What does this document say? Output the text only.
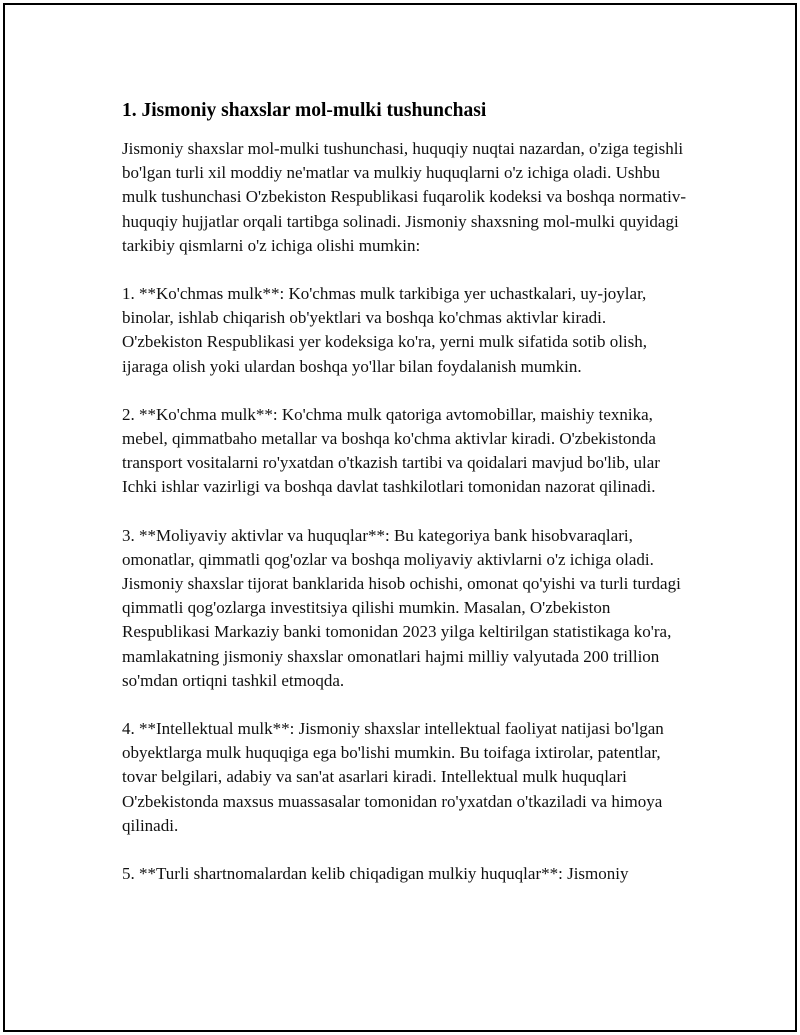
1. Jismoniy shaxslar mol-mulki tushunchasi

Jismoniy shaxslar mol-mulki tushunchasi, huquqiy nuqtai nazardan, o'ziga tegishli bo'lgan turli xil moddiy ne'matlar va mulkiy huquqlarni o'z ichiga oladi. Ushbu mulk tushunchasi O'zbekiston Respublikasi fuqarolik kodeksi va boshqa normativ-huquqiy hujjatlar orqali tartibga solinadi. Jismoniy shaxsning mol-mulki quyidagi tarkibiy qismlarni o'z ichiga olishi mumkin:

1. **Ko'chmas mulk**: Ko'chmas mulk tarkibiga yer uchastkalari, uy-joylar, binolar, ishlab chiqarish ob'yektlari va boshqa ko'chmas aktivlar kiradi. O'zbekiston Respublikasi yer kodeksiga ko'ra, yerni mulk sifatida sotib olish, ijaraga olish yoki ulardan boshqa yo'llar bilan foydalanish mumkin.

2. **Ko'chma mulk**: Ko'chma mulk qatoriga avtomobillar, maishiy texnika, mebel, qimmatbaho metallar va boshqa ko'chma aktivlar kiradi. O'zbekistonda transport vositalarni ro'yxatdan o'tkazish tartibi va qoidalari mavjud bo'lib, ular Ichki ishlar vazirligi va boshqa davlat tashkilotlari tomonidan nazorat qilinadi.

3. **Moliyaviy aktivlar va huquqlar**: Bu kategoriya bank hisobvaraqlari, omonatlar, qimmatli qog'ozlar va boshqa moliyaviy aktivlarni o'z ichiga oladi. Jismoniy shaxslar tijorat banklarida hisob ochishi, omonat qo'yishi va turli turdagi qimmatli qog'ozlarga investitsiya qilishi mumkin. Masalan, O'zbekiston Respublikasi Markaziy banki tomonidan 2023 yilga keltirilgan statistikaga ko'ra, mamlakatning jismoniy shaxslar omonatlari hajmi milliy valyutada 200 trillion so'mdan ortiqni tashkil etmoqda.

4. **Intellektual mulk**: Jismoniy shaxslar intellektual faoliyat natijasi bo'lgan obyektlarga mulk huquqiga ega bo'lishi mumkin. Bu toifaga ixtirolar, patentlar, tovar belgilari, adabiy va san'at asarlari kiradi. Intellektual mulk huquqlari O'zbekistonda maxsus muassasalar tomonidan ro'yxatdan o'tkaziladi va himoya qilinadi.

5. **Turli shartnomalardan kelib chiqadigan mulkiy huquqlar**: Jismoniy
